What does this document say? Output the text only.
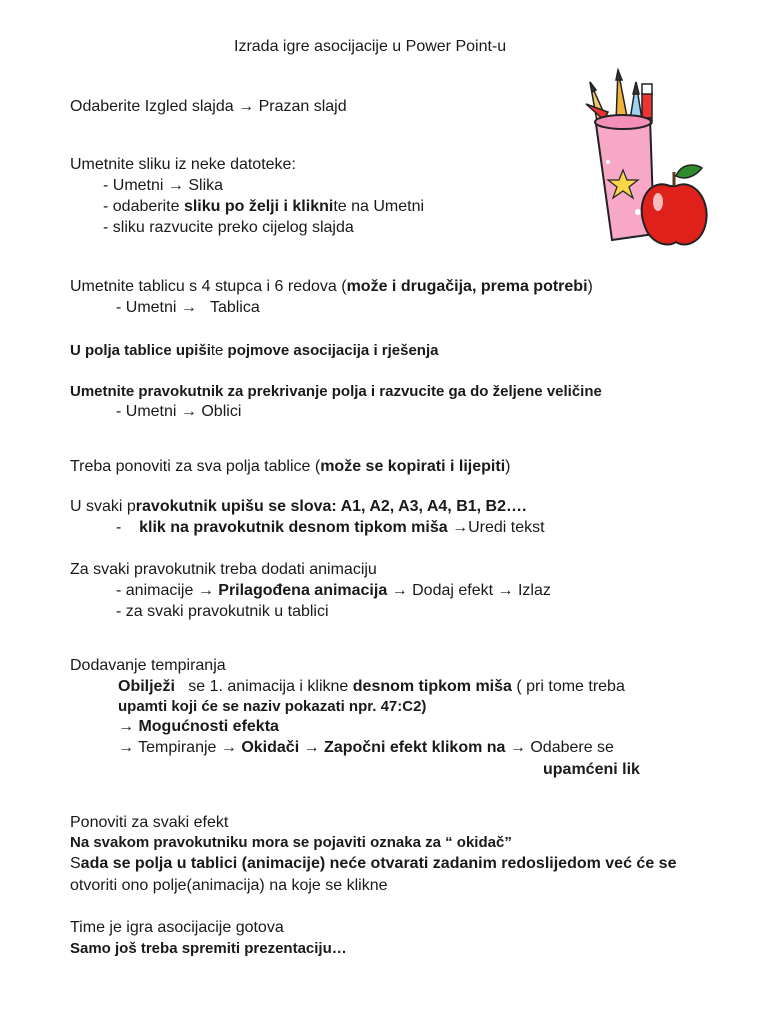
Izrada igre asocijacije u Power Point-u
Odaberite Izgled slajda → Prazan slajd
Umetnite sliku iz neke datoteke:
- Umetni → Slika
- odaberite sliku po želji i kliknite na Umetni
- sliku razvucite preko cijelog slajda
Umetnite tablicu s 4 stupca i 6 redova (može i drugačija, prema potrebi)
- Umetni → Tablica
U polja tablice upišite pojmove asocijacija i rješenja
Umetnite pravokutnik za prekrivanje polja i razvucite ga do željene veličine
- Umetni → Oblici
Treba ponoviti za sva polja tablice (može se kopirati i lijepiti)
U svaki pravokutnik upišu se slova: A1, A2, A3, A4, B1, B2….
- klik na pravokutnik desnom tipkom miša →Uredi tekst
Za svaki pravokutnik treba dodati animaciju
- animacije → Prilagođena animacija → Dodaj efekt → Izlaz
- za svaki pravokutnik u tablici
Dodavanje tempiranja
Obilježi se 1. animacija i klikne desnom tipkom miša ( pri tome treba
upamti koji će se naziv pokazati npr. 47:C2)
→ Mogućnosti efekta
→ Tempiranje → Okidači → Započni efekt klikom na → Odabere se
upamćeni lik
Ponoviti za svaki efekt
Na svakom pravokutniku mora se pojaviti oznaka za “ okidač”
Sada se polja u tablici (animacije) neće otvarati zadanim redoslijedom već će se
otvoriti ono polje(animacija) na koje se klikne
Time je igra asocijacije gotova
Samo još treba spremiti prezentaciju…
